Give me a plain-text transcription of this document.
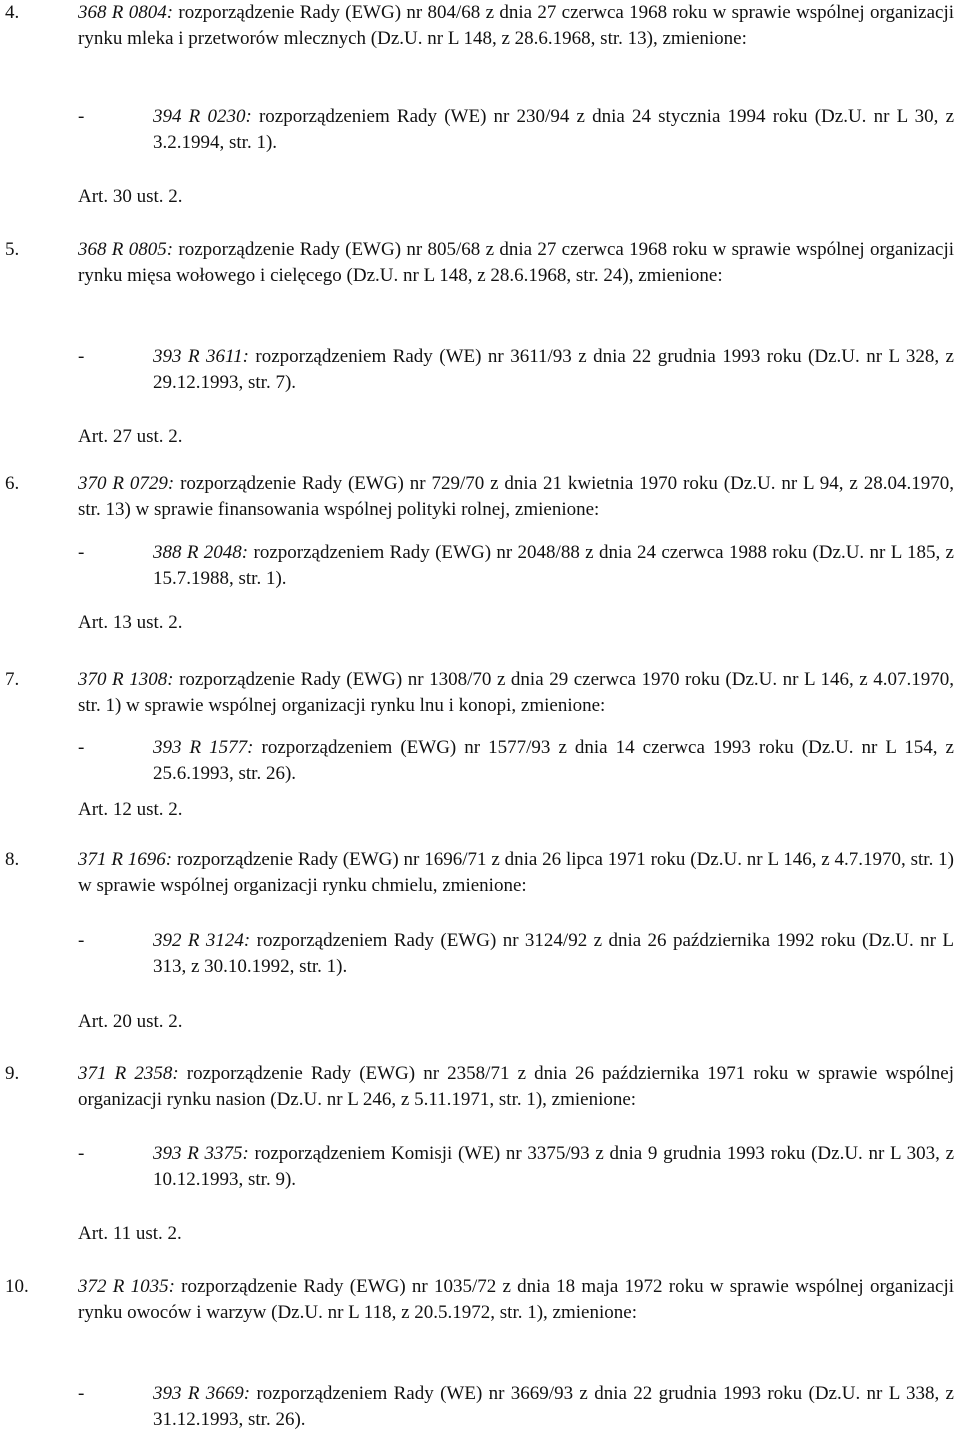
4.	368 R 0804: rozporządzenie Rady (EWG) nr 804/68 z dnia 27 czerwca 1968 roku w sprawie wspólnej organizacji rynku mleka i przetworów mlecznych (Dz.U. nr L 148, z 28.6.1968, str. 13), zmienione:
-	394 R 0230: rozporządzeniem Rady (WE) nr 230/94 z dnia 24 stycznia 1994 roku (Dz.U. nr L 30, z 3.2.1994, str. 1).
Art. 30 ust. 2.
5.	368 R 0805: rozporządzenie Rady (EWG) nr 805/68 z dnia 27 czerwca 1968 roku w sprawie wspólnej organizacji rynku mięsa wołowego i cielęcego (Dz.U. nr L 148, z 28.6.1968, str. 24), zmienione:
-	393 R 3611: rozporządzeniem Rady (WE) nr 3611/93 z dnia 22 grudnia 1993 roku (Dz.U. nr L 328, z 29.12.1993, str. 7).
Art. 27 ust. 2.
6.	370 R 0729: rozporządzenie Rady (EWG) nr 729/70 z dnia 21 kwietnia 1970 roku (Dz.U. nr L 94, z 28.04.1970, str. 13) w sprawie finansowania wspólnej polityki rolnej, zmienione:
-	388 R 2048: rozporządzeniem Rady (EWG) nr 2048/88 z dnia 24 czerwca 1988 roku (Dz.U. nr L 185, z 15.7.1988, str. 1).
Art. 13 ust. 2.
7.	370 R 1308: rozporządzenie Rady (EWG) nr 1308/70 z dnia 29 czerwca 1970 roku (Dz.U. nr L 146, z 4.07.1970, str. 1) w sprawie wspólnej organizacji rynku lnu i konopi, zmienione:
-	393 R 1577: rozporządzeniem (EWG) nr 1577/93 z dnia 14 czerwca 1993 roku (Dz.U. nr L 154, z 25.6.1993, str. 26).
Art. 12 ust. 2.
8.	371 R 1696: rozporządzenie Rady (EWG) nr 1696/71 z dnia 26 lipca 1971 roku (Dz.U. nr L 146, z 4.7.1970, str. 1) w sprawie wspólnej organizacji rynku chmielu, zmienione:
-	392 R 3124: rozporządzeniem Rady (EWG) nr 3124/92 z dnia 26 października 1992 roku (Dz.U. nr L 313, z 30.10.1992, str. 1).
Art. 20 ust. 2.
9.	371 R 2358: rozporządzenie Rady (EWG) nr 2358/71 z dnia 26 października 1971 roku w sprawie wspólnej organizacji rynku nasion (Dz.U. nr L 246, z 5.11.1971, str. 1), zmienione:
-	393 R 3375: rozporządzeniem Komisji (WE) nr 3375/93 z dnia 9 grudnia 1993 roku (Dz.U. nr L 303, z 10.12.1993, str. 9).
Art. 11 ust. 2.
10.	372 R 1035: rozporządzenie Rady (EWG) nr 1035/72 z dnia 18 maja 1972 roku w sprawie wspólnej organizacji rynku owoców i warzyw (Dz.U. nr L 118, z 20.5.1972, str. 1), zmienione:
-	393 R 3669: rozporządzeniem Rady (WE) nr 3669/93 z dnia 22 grudnia 1993 roku (Dz.U. nr L 338, z 31.12.1993, str. 26).
